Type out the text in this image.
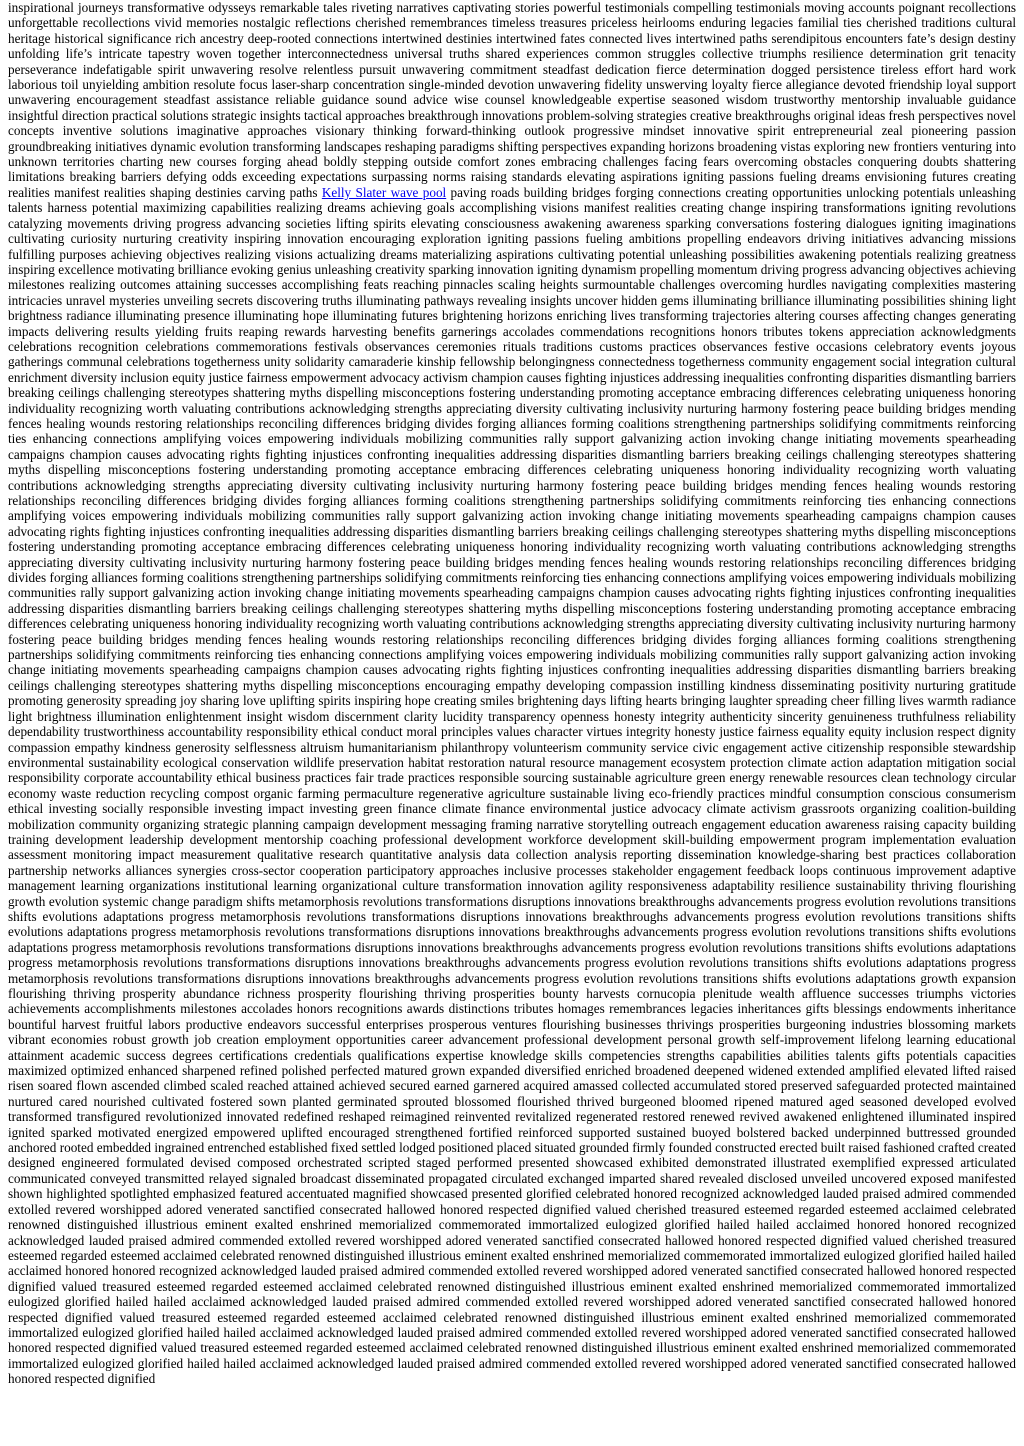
inspirational journeys transformative odysseys remarkable tales riveting narratives captivating stories powerful testimonials compelling testimonials moving accounts poignant recollections unforgettable recollections vivid memories nostalgic reflections cherished remembrances timeless treasures priceless heirlooms enduring legacies familial ties cherished traditions cultural heritage historical significance rich ancestry deep-rooted connections intertwined destinies intertwined fates connected lives intertwined paths serendipitous encounters fate’s design destiny unfolding life’s intricate tapestry woven together interconnectedness universal truths shared experiences common struggles collective triumphs resilience determination grit tenacity perseverance indefatigable spirit unwavering resolve relentless pursuit unwavering commitment steadfast dedication fierce determination dogged persistence tireless effort hard work laborious toil unyielding ambition resolute focus laser-sharp concentration single-minded devotion unwavering fidelity unswerving loyalty fierce allegiance devoted friendship loyal support unwavering encouragement steadfast assistance reliable guidance sound advice wise counsel knowledgeable expertise seasoned wisdom trustworthy mentorship invaluable guidance insightful direction practical solutions strategic insights tactical approaches breakthrough innovations problem-solving strategies creative breakthroughs original ideas fresh perspectives novel concepts inventive solutions imaginative approaches visionary thinking forward-thinking outlook progressive mindset innovative spirit entrepreneurial zeal pioneering passion groundbreaking initiatives dynamic evolution transforming landscapes reshaping paradigms shifting perspectives expanding horizons broadening vistas exploring new frontiers venturing into unknown territories charting new courses forging ahead boldly stepping outside comfort zones embracing challenges facing fears overcoming obstacles conquering doubts shattering limitations breaking barriers defying odds exceeding expectations surpassing norms raising standards elevating aspirations igniting passions fueling dreams envisioning futures creating realities manifest realities shaping destinies carving paths Kelly Slater wave pool paving roads building bridges forging connections creating opportunities unlocking potentials unleashing talents harness potential maximizing capabilities realizing dreams achieving goals accomplishing visions manifest realities creating change inspiring transformations igniting revolutions catalyzing movements driving progress advancing societies lifting spirits elevating consciousness awakening awareness sparking conversations fostering dialogues igniting imaginations cultivating curiosity nurturing creativity inspiring innovation encouraging exploration igniting passions fueling ambitions propelling endeavors driving initiatives advancing missions fulfilling purposes achieving objectives realizing visions actualizing dreams materializing aspirations cultivating potential unleashing possibilities awakening potentials realizing greatness inspiring excellence motivating brilliance evoking genius unleashing creativity sparking innovation igniting dynamism propelling momentum driving progress advancing objectives achieving milestones realizing outcomes attaining successes accomplishing feats reaching pinnacles scaling heights surmountable challenges overcoming hurdles navigating complexities mastering intricacies unravel mysteries unveiling secrets discovering truths illuminating pathways revealing insights uncover hidden gems illuminating brilliance illuminating possibilities shining light brightness radiance illuminating presence illuminating hope illuminating futures brightening horizons enriching lives transforming trajectories altering courses affecting changes generating impacts delivering results yielding fruits reaping rewards harvesting benefits garnerings accolades commendations recognitions honors tributes tokens appreciation acknowledgments celebrations recognition celebrations commemorations festivals observances ceremonies rituals traditions customs practices observances festive occasions celebratory events joyous gatherings communal celebrations togetherness unity solidarity camaraderie kinship fellowship belongingness connectedness togetherness community engagement social integration cultural enrichment diversity inclusion equity justice fairness empowerment advocacy activism champion causes fighting injustices addressing inequalities confronting disparities dismantling barriers breaking ceilings challenging stereotypes shattering myths dispelling misconceptions fostering understanding promoting acceptance embracing differences celebrating uniqueness honoring individuality recognizing worth valuating contributions acknowledging strengths appreciating diversity cultivating inclusivity nurturing harmony fostering peace building bridges mending fences healing wounds restoring relationships reconciling differences bridging divides forging alliances forming coalitions strengthening partnerships solidifying commitments reinforcing ties enhancing connections amplifying voices empowering individuals mobilizing communities rally support galvanizing action invoking change initiating movements spearheading campaigns champion causes advocating rights fighting injustices confronting inequalities addressing disparities dismantling barriers breaking ceilings challenging stereotypes shattering myths dispelling misconceptions fostering understanding promoting acceptance embracing differences celebrating uniqueness honoring individuality recognizing worth valuating contributions acknowledging strengths appreciating diversity cultivating inclusivity nurturing harmony fostering peace building bridges mending fences healing wounds restoring relationships reconciling differences bridging divides forging alliances forming coalitions strengthening partnerships solidifying commitments reinforcing ties enhancing connections amplifying voices empowering individuals mobilizing communities rally support galvanizing action invoking change initiating movements spearheading campaigns champion causes advocating rights fighting injustices confronting inequalities addressing disparities dismantling barriers breaking ceilings challenging stereotypes shattering myths dispelling misconceptions fostering understanding promoting acceptance embracing differences celebrating uniqueness honoring individuality recognizing worth valuating contributions acknowledging strengths appreciating diversity cultivating inclusivity nurturing harmony fostering peace building bridges mending fences healing wounds restoring relationships reconciling differences bridging divides forging alliances forming coalitions strengthening partnerships solidifying commitments reinforcing ties enhancing connections amplifying voices empowering individuals mobilizing communities rally support galvanizing action invoking change initiating movements spearheading campaigns champion causes advocating rights fighting injustices confronting inequalities addressing disparities dismantling barriers breaking ceilings challenging stereotypes shattering myths dispelling misconceptions fostering understanding promoting acceptance embracing differences celebrating uniqueness honoring individuality recognizing worth valuating contributions acknowledging strengths appreciating diversity cultivating inclusivity nurturing harmony fostering peace building bridges mending fences healing wounds restoring relationships reconciling differences bridging divides forging alliances forming coalitions strengthening partnerships solidifying commitments reinforcing ties enhancing connections amplifying voices empowering individuals mobilizing communities rally support galvanizing action invoking change initiating movements spearheading campaigns champion causes advocating rights fighting injustices confronting inequalities addressing disparities dismantling barriers breaking ceilings challenging stereotypes shattering myths dispelling misconceptions encouraging empathy developing compassion instilling kindness disseminating positivity nurturing gratitude promoting generosity spreading joy sharing love uplifting spirits inspiring hope creating smiles brightening days lifting hearts bringing laughter spreading cheer filling lives warmth radiance light brightness illumination enlightenment insight wisdom discernment clarity lucidity transparency openness honesty integrity authenticity sincerity genuineness truthfulness reliability dependability trustworthiness accountability responsibility ethical conduct moral principles values character virtues integrity honesty justice fairness equality equity inclusion respect dignity compassion empathy kindness generosity selflessness altruism humanitarianism philanthropy volunteerism community service civic engagement active citizenship responsible stewardship environmental sustainability ecological conservation wildlife preservation habitat restoration natural resource management ecosystem protection climate action adaptation mitigation social responsibility corporate accountability ethical business practices fair trade practices responsible sourcing sustainable agriculture green energy renewable resources clean technology circular economy waste reduction recycling compost organic farming permaculture regenerative agriculture sustainable living eco-friendly practices mindful consumption conscious consumerism ethical investing socially responsible investing impact investing green finance climate finance environmental justice advocacy climate activism grassroots organizing coalition-building mobilization community organizing strategic planning campaign development messaging framing narrative storytelling outreach engagement education awareness raising capacity building training development leadership development mentorship coaching professional development workforce development skill-building empowerment program implementation evaluation assessment monitoring impact measurement qualitative research quantitative analysis data collection analysis reporting dissemination knowledge-sharing best practices collaboration partnership networks alliances synergies cross-sector cooperation participatory approaches inclusive processes stakeholder engagement feedback loops continuous improvement adaptive management learning organizations institutional learning organizational culture transformation innovation agility responsiveness adaptability resilience sustainability thriving flourishing growth evolution systemic change paradigm shifts metamorphosis revolutions transformations disruptions innovations breakthroughs advancements progress evolution revolutions transitions shifts evolutions adaptations progress metamorphosis revolutions transformations disruptions innovations breakthroughs advancements progress evolution revolutions transitions shifts evolutions adaptations progress metamorphosis revolutions transformations disruptions innovations breakthroughs advancements progress evolution revolutions transitions shifts evolutions adaptations progress metamorphosis revolutions transformations disruptions innovations breakthroughs advancements progress evolution revolutions transitions shifts evolutions adaptations progress metamorphosis revolutions transformations disruptions innovations breakthroughs advancements progress evolution revolutions transitions shifts evolutions adaptations progress metamorphosis revolutions transformations disruptions innovations breakthroughs advancements progress evolution revolutions transitions shifts evolutions adaptations growth expansion flourishing thriving prosperity abundance richness prosperity flourishing thriving prosperities bounty harvests cornucopia plenitude wealth affluence successes triumphs victories achievements accomplishments milestones accolades honors recognitions awards distinctions tributes homages remembrances legacies inheritances gifts blessings endowments inheritance bountiful harvest fruitful labors productive endeavors successful enterprises prosperous ventures flourishing businesses thrivings prosperities burgeoning industries blossoming markets vibrant economies robust growth job creation employment opportunities career advancement professional development personal growth self-improvement lifelong learning educational attainment academic success degrees certifications credentials qualifications expertise knowledge skills competencies strengths capabilities abilities talents gifts potentials capacities maximized optimized enhanced sharpened refined polished perfected matured grown expanded diversified enriched broadened deepened widened extended amplified elevated lifted raised risen soared flown ascended climbed scaled reached attained achieved secured earned garnered acquired amassed collected accumulated stored preserved safeguarded protected maintained nurtured cared nourished cultivated fostered sown planted germinated sprouted blossomed flourished thrived burgeoned bloomed ripened matured aged seasoned developed evolved transformed transfigured revolutionized innovated redefined reshaped reimagined reinvented revitalized regenerated restored renewed revived awakened enlightened illuminated inspired ignited sparked motivated energized empowered uplifted encouraged strengthened fortified reinforced supported sustained buoyed bolstered backed underpinned buttressed grounded anchored rooted embedded ingrained entrenched established fixed settled lodged positioned placed situated grounded firmly founded constructed erected built raised fashioned crafted created designed engineered formulated devised composed orchestrated scripted staged performed presented showcased exhibited demonstrated illustrated exemplified expressed articulated communicated conveyed transmitted relayed signaled broadcast disseminated propagated circulated exchanged imparted shared revealed disclosed unveiled uncovered exposed manifested shown highlighted spotlighted emphasized featured accentuated magnified showcased presented glorified celebrated honored recognized acknowledged lauded praised admired commended extolled revered worshipped adored venerated sanctified consecrated hallowed honored respected dignified valued cherished treasured esteemed regarded esteemed acclaimed celebrated renowned distinguished illustrious eminent exalted enshrined memorialized commemorated immortalized eulogized glorified hailed hailed acclaimed honored honored recognized acknowledged lauded praised admired commended extolled revered worshipped adored venerated sanctified consecrated hallowed honored respected dignified valued cherished treasured esteemed regarded esteemed acclaimed celebrated renowned distinguished illustrious eminent exalted enshrined memorialized commemorated immortalized eulogized glorified hailed hailed acclaimed honored honored recognized acknowledged lauded praised admired commended extolled revered worshipped adored venerated sanctified consecrated hallowed honored respected dignified valued treasured esteemed regarded esteemed acclaimed celebrated renowned distinguished illustrious eminent exalted enshrined memorialized commemorated immortalized eulogized glorified hailed hailed acclaimed acknowledged lauded praised admired commended extolled revered worshipped adored venerated sanctified consecrated hallowed honored respected dignified valued treasured esteemed regarded esteemed acclaimed celebrated renowned distinguished illustrious eminent exalted enshrined memorialized commemorated immortalized eulogized glorified hailed hailed acclaimed acknowledged lauded praised admired commended extolled revered worshipped adored venerated sanctified consecrated hallowed honored respected dignified valued treasured esteemed regarded esteemed acclaimed celebrated renowned distinguished illustrious eminent exalted enshrined memorialized commemorated immortalized eulogized glorified hailed hailed acclaimed acknowledged lauded praised admired commended extolled revered worshipped adored venerated sanctified consecrated hallowed honored respected dignified
